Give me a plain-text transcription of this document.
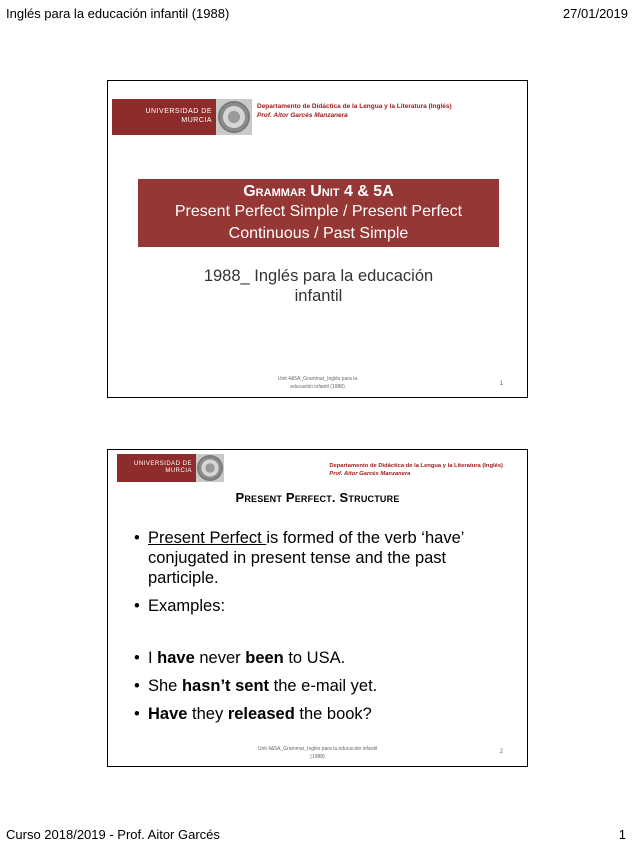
Inglés para la educación infantil (1988)	27/01/2019
UNIVERSIDAD DE
MURCIA
Departamento de Didáctica de la Lengua y la Literatura (Inglés)
Prof. Aitor Garcés Manzanera
Grammar Unit 4 & 5A
Present Perfect Simple / Present Perfect
Continuous / Past Simple
1988_ Inglés para la educación
infantil
Unit 4&5A_Grammar_Inglés para la
educación infantil (1988)	1
UNIVERSIDAD DE
MURCIA
Departamento de Didáctica de la Lengua y la Literatura (Inglés)
Prof. Aitor Garcés Manzanera
Present Perfect. Structure
• Present Perfect is formed of the verb ‘have’ conjugated in present tense and the past participle.
• Examples:
• I have never been to USA.
• She hasn’t sent the e-mail yet.
• Have they released the book?
Unit 4&5A_Grammar_Inglés para la educación infantil
(1988)
2
Curso 2018/2019 - Prof. Aitor Garcés	1
